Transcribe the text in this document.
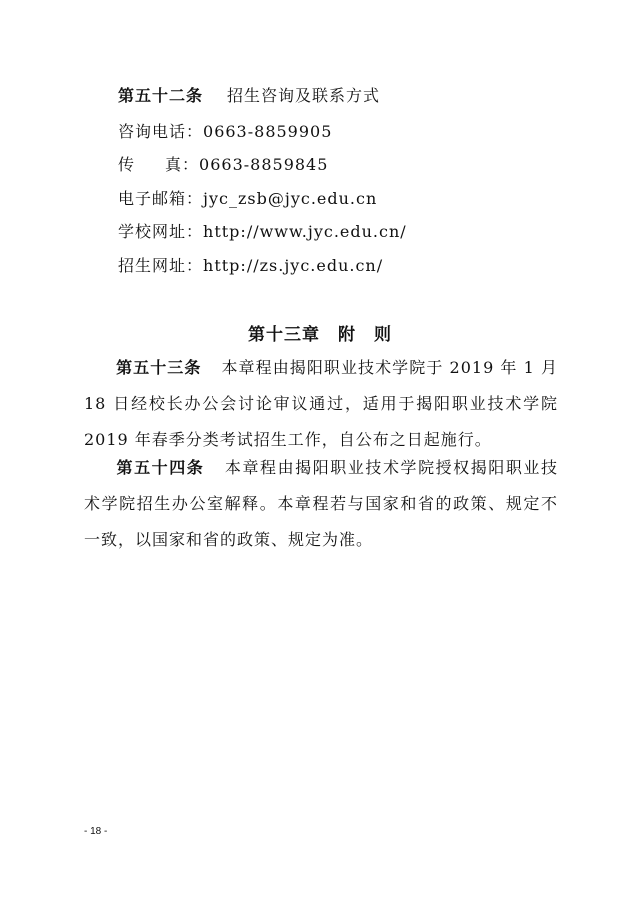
第五十二条 招生咨询及联系方式
咨询电话：0663-8859905
传 真：0663-8859845
电子邮箱：jyc_zsb@jyc.edu.cn
学校网址：http://www.jyc.edu.cn/
招生网址：http://zs.jyc.edu.cn/
第十三章　附　则
第五十三条 本章程由揭阳职业技术学院于 2019 年 1 月 18 日经校长办公会讨论审议通过，适用于揭阳职业技术学院 2019 年春季分类考试招生工作，自公布之日起施行。
第五十四条 本章程由揭阳职业技术学院授权揭阳职业技术学院招生办公室解释。本章程若与国家和省的政策、规定不一致，以国家和省的政策、规定为准。
- 18 -
